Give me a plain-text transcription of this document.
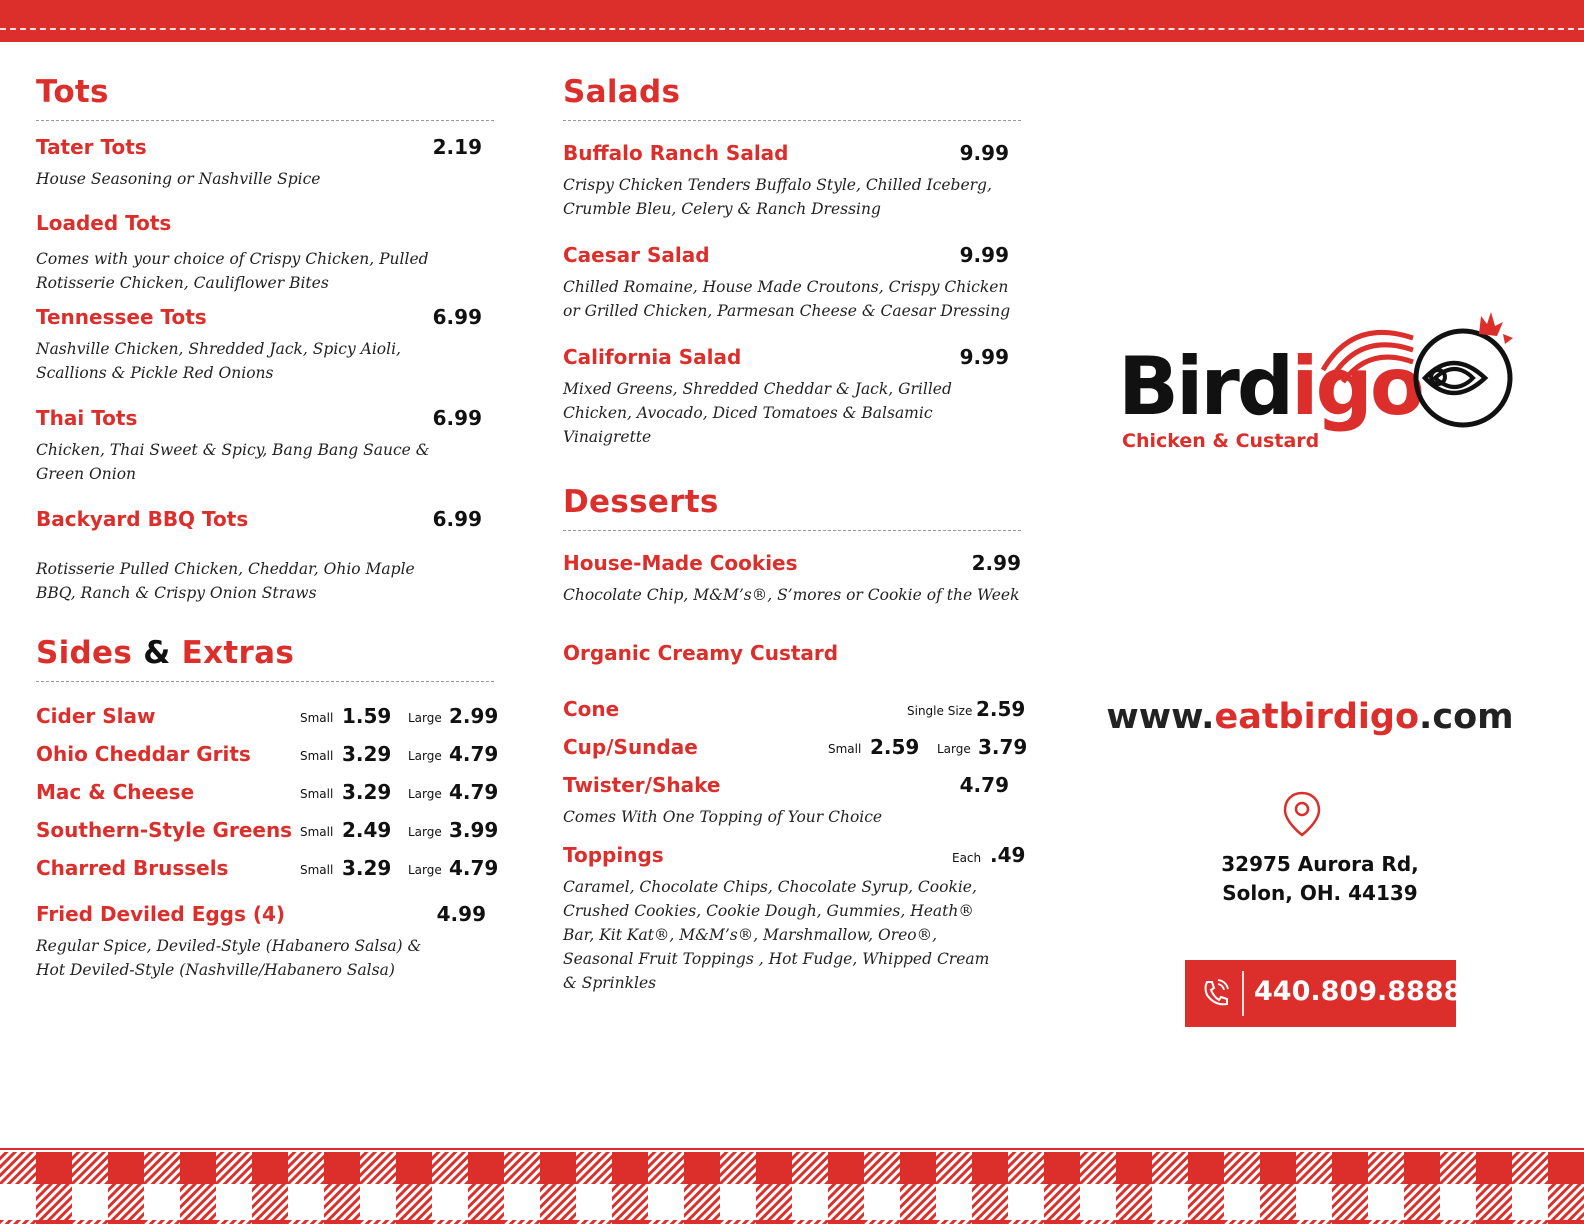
Tots
Tater Tots	2.19
House Seasoning or Nashville Spice
Loaded Tots
Comes with your choice of Crispy Chicken, Pulled Rotisserie Chicken, Cauliflower Bites
Tennessee Tots	6.99
Nashville Chicken, Shredded Jack, Spicy Aioli, Scallions & Pickle Red Onions
Thai Tots	6.99
Chicken, Thai Sweet & Spicy, Bang Bang Sauce & Green Onion
Backyard BBQ Tots	6.99
Rotisserie Pulled Chicken, Cheddar, Ohio Maple BBQ, Ranch & Crispy Onion Straws
Sides & Extras
Cider Slaw	Small 1.59 Large 2.99
Ohio Cheddar Grits	Small 3.29 Large 4.79
Mac & Cheese	Small 3.29 Large 4.79
Southern-Style Greens Small 2.49 Large 3.99
Charred Brussels	Small 3.29 Large 4.79
Fried Deviled Eggs (4)	4.99
Regular Spice, Deviled-Style (Habanero Salsa) & Hot Deviled-Style (Nashville/Habanero Salsa)
Salads
Buffalo Ranch Salad	9.99
Crispy Chicken Tenders Buffalo Style, Chilled Iceberg, Crumble Bleu, Celery & Ranch Dressing
Caesar Salad	9.99
Chilled Romaine, House Made Croutons, Crispy Chicken or Grilled Chicken, Parmesan Cheese & Caesar Dressing
California Salad	9.99
Mixed Greens, Shredded Cheddar & Jack, Grilled Chicken, Avocado, Diced Tomatoes & Balsamic Vinaigrette
Desserts
House-Made Cookies	2.99
Chocolate Chip, M&M’s®, S’mores or Cookie of the Week
Organic Creamy Custard
Cone	Single Size 2.59
Cup/Sundae	Small 2.59 Large 3.79
Twister/Shake	4.79
Comes With One Topping of Your Choice
Toppings	Each .49
Caramel, Chocolate Chips, Chocolate Syrup, Cookie, Crushed Cookies, Cookie Dough, Gummies, Heath® Bar, Kit Kat®, M&M’s®, Marshmallow, Oreo®, Seasonal Fruit Toppings , Hot Fudge, Whipped Cream & Sprinkles
Birdigo
Chicken & Custard
www.eatbirdigo.com
32975 Aurora Rd,
Solon, OH. 44139
440.809.8888
